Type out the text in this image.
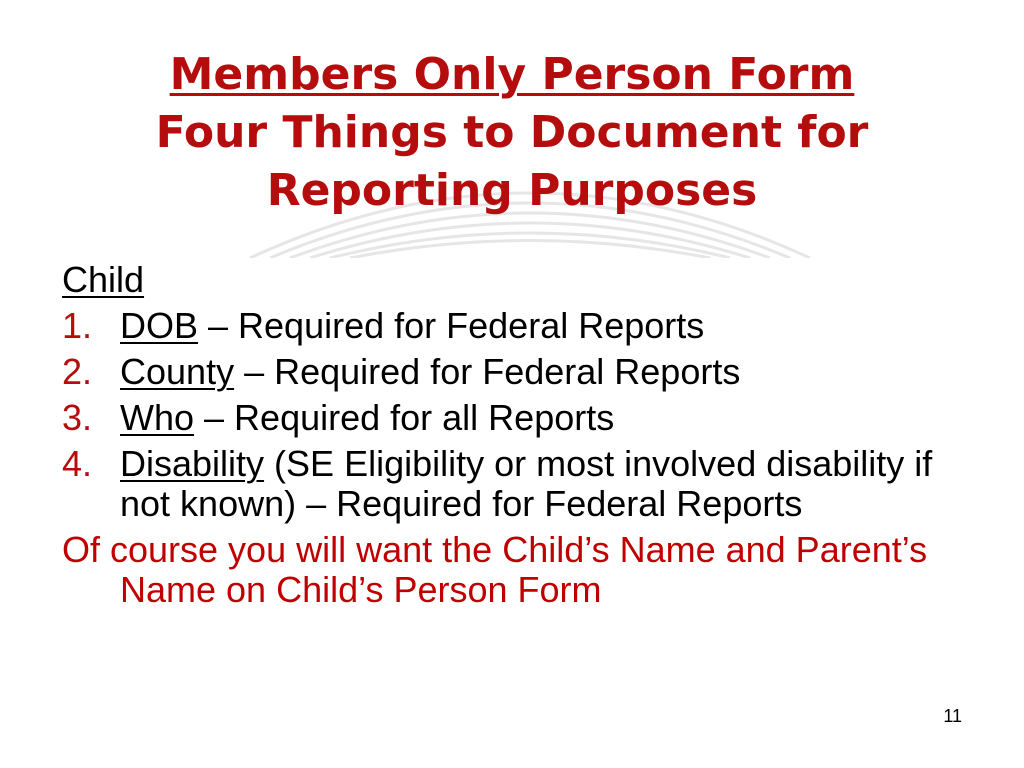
Members Only Person Form
Four Things to Document for
Reporting Purposes
Child
1. DOB – Required for Federal Reports
2. County – Required for Federal Reports
3. Who – Required for all Reports
4. Disability (SE Eligibility or most involved disability if not known) – Required for Federal Reports
Of course you will want the Child’s Name and Parent’s Name on Child’s Person Form
11
